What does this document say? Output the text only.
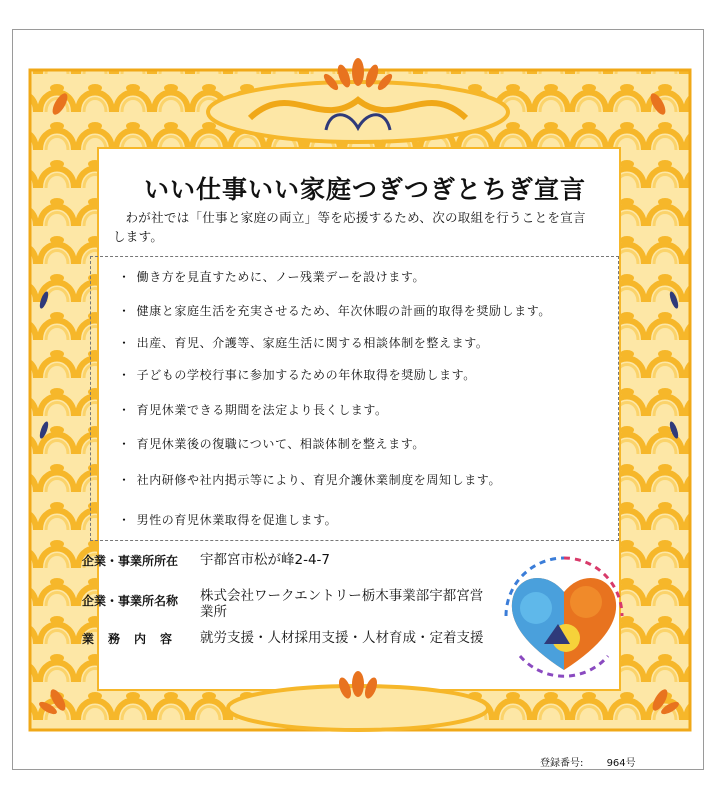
いい仕事いい家庭つぎつぎとちぎ宣言
わが社では「仕事と家庭の両立」等を応援するため、次の取組を行うことを宣言
します。
・ 働き方を見直すために、ノー残業デーを設けます。
・ 健康と家庭生活を充実させるため、年次休暇の計画的取得を奨励します。
・ 出産、育児、介護等、家庭生活に関する相談体制を整えます。
・ 子どもの学校行事に参加するための年休取得を奨励します。
・ 育児休業できる期間を法定より長くします。
・ 育児休業後の復職について、相談体制を整えます。
・ 社内研修や社内掲示等により、育児介護休業制度を周知します。
・ 男性の育児休業取得を促進します。
企業・事業所所在	宇都宮市松が峰2-4-7
企業・事業所名称	株式会社ワークエントリー栃木事業部宇都宮営業所
業務内容 就労支援・人材採用支援・人材育成・定着支援
登録番号: 964号
